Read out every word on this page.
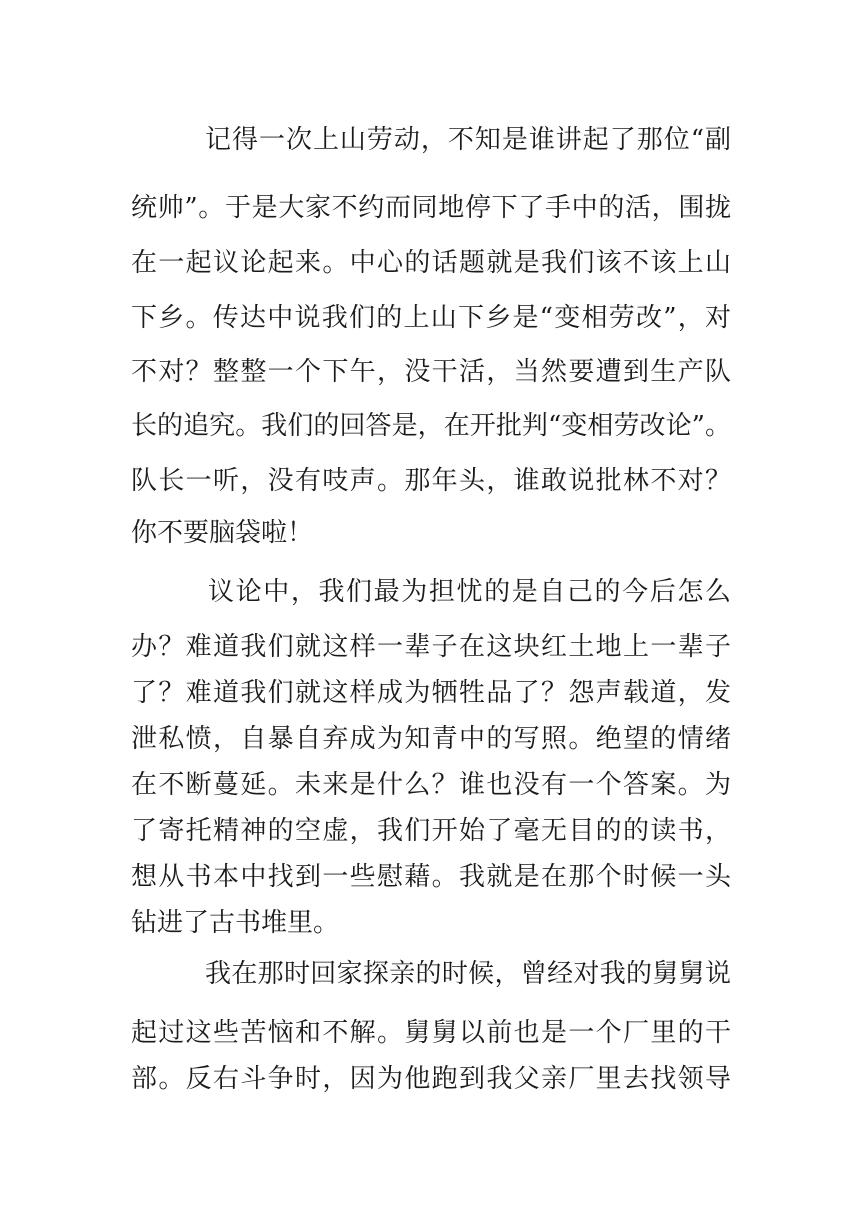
记得一次上山劳动，不知是谁讲起了那位“副
统帅”。于是大家不约而同地停下了手中的活，围拢
在一起议论起来。中心的话题就是我们该不该上山
下乡。传达中说我们的上山下乡是“变相劳改”，对
不对？整整一个下午，没干活，当然要遭到生产队
长的追究。我们的回答是，在开批判“变相劳改论”。
队长一听，没有吱声。那年头，谁敢说批林不对？
你不要脑袋啦！
议论中，我们最为担忧的是自己的今后怎么
办？难道我们就这样一辈子在这块红土地上一辈子
了？难道我们就这样成为牺牲品了？怨声载道，发
泄私愤，自暴自弃成为知青中的写照。绝望的情绪
在不断蔓延。未来是什么？谁也没有一个答案。为
了寄托精神的空虚，我们开始了毫无目的的读书，
想从书本中找到一些慰藉。我就是在那个时候一头
钻进了古书堆里。
我在那时回家探亲的时候，曾经对我的舅舅说
起过这些苦恼和不解。舅舅以前也是一个厂里的干
部。反右斗争时，因为他跑到我父亲厂里去找领导
